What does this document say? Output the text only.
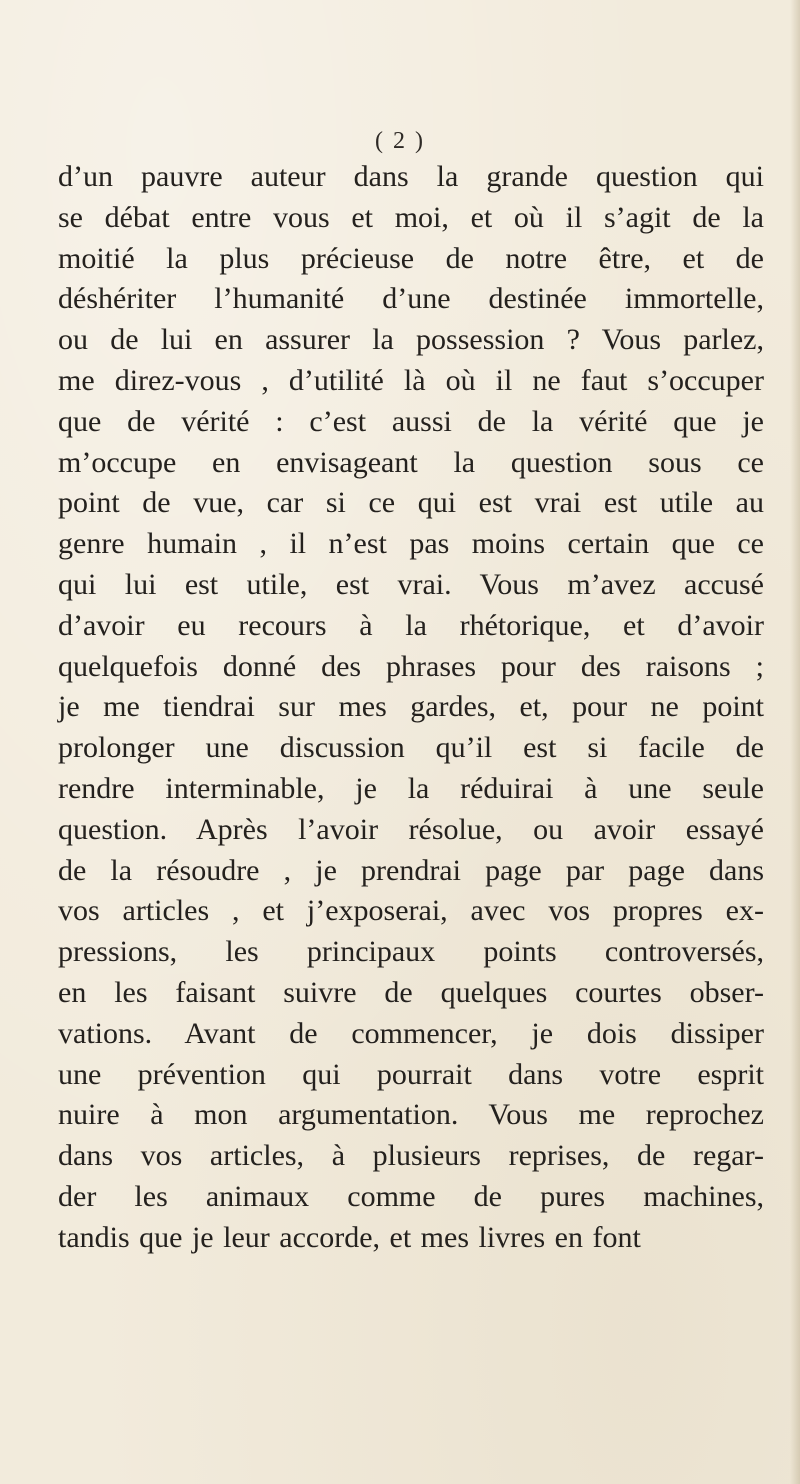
( 2 )

d’un pauvre auteur dans la grande question qui
se débat entre vous et moi, et où il s’agit de la
moitié la plus précieuse de notre être, et de
déshériter l’humanité d’une destinée immortelle,
ou de lui en assurer la possession ? Vous parlez,
me direz-vous , d’utilité là où il ne faut s’occuper
que de vérité : c’est aussi de la vérité que je
m’occupe en envisageant la question sous ce
point de vue, car si ce qui est vrai est utile au
genre humain , il n’est pas moins certain que ce
qui lui est utile, est vrai. Vous m’avez accusé
d’avoir eu recours à la rhétorique, et d’avoir
quelquefois donné des phrases pour des raisons ;
je me tiendrai sur mes gardes, et, pour ne point
prolonger une discussion qu’il est si facile de
rendre interminable, je la réduirai à une seule
question. Après l’avoir résolue, ou avoir essayé
de la résoudre , je prendrai page par page dans
vos articles , et j’exposerai, avec vos propres ex-
pressions, les principaux points controversés,
en les faisant suivre de quelques courtes obser-
vations. Avant de commencer, je dois dissiper
une prévention qui pourrait dans votre esprit
nuire à mon argumentation. Vous me reprochez
dans vos articles, à plusieurs reprises, de regar-
der les animaux comme de pures machines,
tandis que je leur accorde, et mes livres en font
